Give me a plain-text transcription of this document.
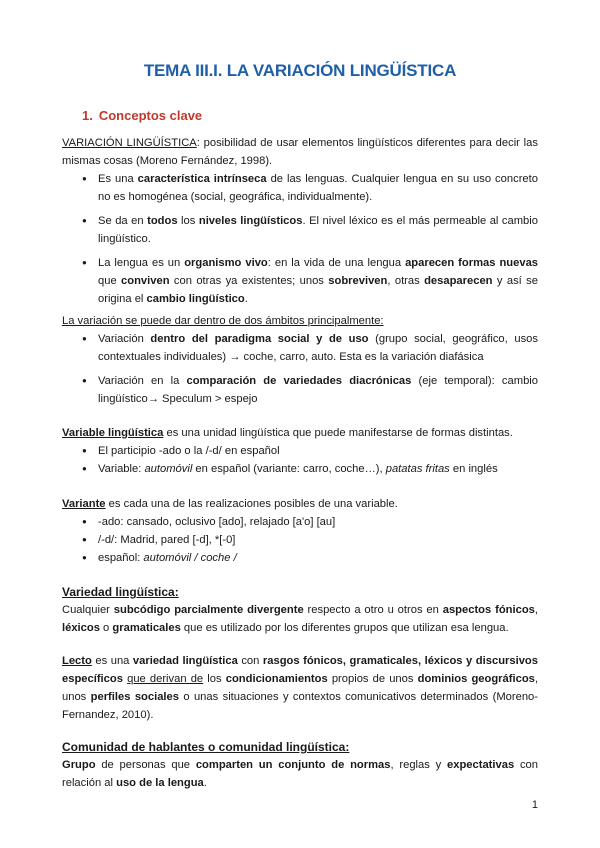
TEMA III.I. LA VARIACIÓN LINGÜÍSTICA
1. Conceptos clave

VARIACIÓN LINGÜÍSTICA: posibilidad de usar elementos lingüísticos diferentes para decir las mismas cosas (Moreno Fernández, 1998).

● Es una característica intrínseca de las lenguas. Cualquier lengua en su uso concreto no es homogénea (social, geográfica, individualmente).
● Se da en todos los niveles lingüísticos. El nivel léxico es el más permeable al cambio lingüístico.
● La lengua es un organismo vivo: en la vida de una lengua aparecen formas nuevas que conviven con otras ya existentes; unos sobreviven, otras desaparecen y así se origina el cambio lingüístico.

La variación se puede dar dentro de dos ámbitos principalmente:

● Variación dentro del paradigma social y de uso (grupo social, geográfico, usos contextuales individuales) → coche, carro, auto. Esta es la variación diafásica
● Variación en la comparación de variedades diacrónicas (eje temporal): cambio lingüístico→ Speculum > espejo

Variable lingüística es una unidad lingüística que puede manifestarse de formas distintas.

● El participio -ado o la /-d/ en español
● Variable: automóvil en español (variante: carro, coche…), patatas fritas en inglés

Variante es cada una de las realizaciones posibles de una variable.

● -ado: cansado, oclusivo [ado], relajado [a'o] [au]
● /-d/: Madrid, pared [-d], *[-0]
● español: automóvil / coche /

Variedad lingüística:

Cualquier subcódigo parcialmente divergente respecto a otro u otros en aspectos fónicos, léxicos o gramaticales que es utilizado por los diferentes grupos que utilizan esa lengua.

Lecto es una variedad lingüística con rasgos fónicos, gramaticales, léxicos y discursivos específicos que derivan de los condicionamientos propios de unos dominios geográficos, unos perfiles sociales o unas situaciones y contextos comunicativos determinados (Moreno-Fernandez, 2010).

Comunidad de hablantes o comunidad lingüística:

Grupo de personas que comparten un conjunto de normas, reglas y expectativas con relación al uso de la lengua.

1
